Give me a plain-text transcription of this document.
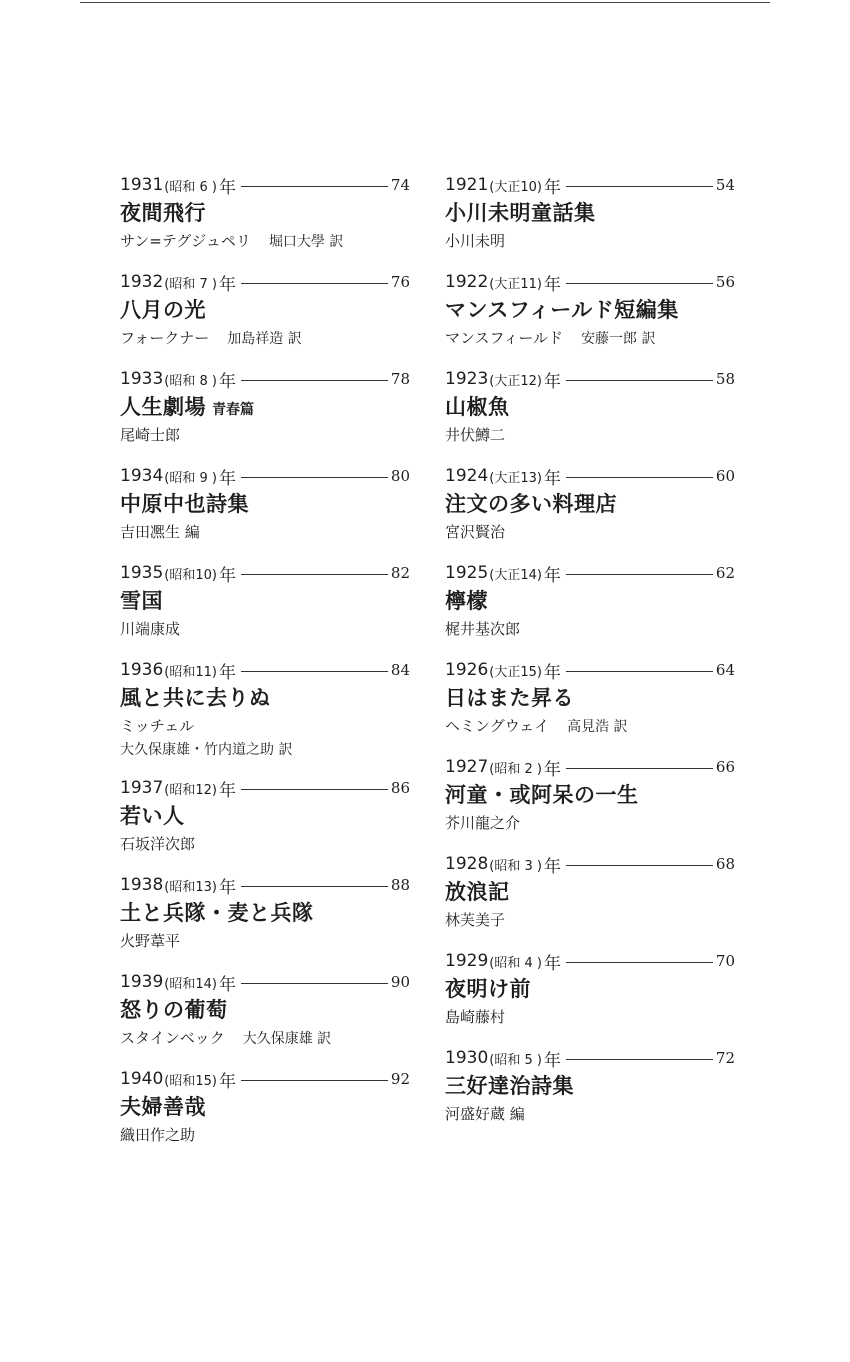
1931 (昭和 6 ) 年	74
夜間飛行
サン=テグジュペリ 堀口大學 訳
1932 (昭和 7 ) 年	76
八月の光
フォークナー 加島祥造 訳
1933 (昭和 8 ) 年	78
人生劇場 青春篇
尾崎士郎
1934 (昭和 9 ) 年	80
中原中也詩集
吉田凞生 編
1935 (昭和10) 年	82
雪国
川端康成
1936 (昭和11) 年	84
風と共に去りぬ
ミッチェル
大久保康雄・竹内道之助 訳
1937 (昭和12) 年	86
若い人
石坂洋次郎
1938 (昭和13) 年	88
土と兵隊・麦と兵隊
火野葦平
1939 (昭和14) 年	90
怒りの葡萄
スタインベック 大久保康雄 訳
1940 (昭和15) 年	92
夫婦善哉
織田作之助
1921 (大正10) 年	54
小川未明童話集
小川未明
1922 (大正11) 年	56
マンスフィールド短編集
マンスフィールド 安藤一郎 訳
1923 (大正12) 年	58
山椒魚
井伏鱒二
1924 (大正13) 年	60
注文の多い料理店
宮沢賢治
1925 (大正14) 年	62
檸檬
梶井基次郎
1926 (大正15) 年	64
日はまた昇る
ヘミングウェイ 高見浩 訳
1927 (昭和 2 ) 年	66
河童・或阿呆の一生
芥川龍之介
1928 (昭和 3 ) 年	68
放浪記
林芙美子
1929 (昭和 4 ) 年	70
夜明け前
島崎藤村
1930 (昭和 5 ) 年	72
三好達治詩集
河盛好蔵 編
